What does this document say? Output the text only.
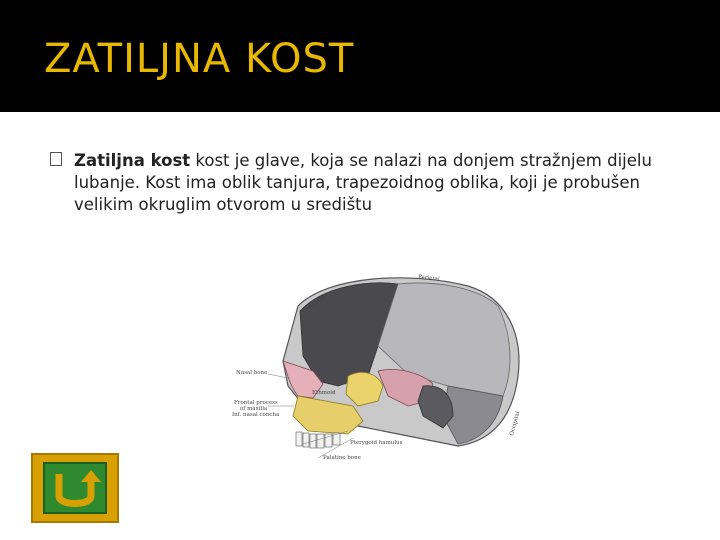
ZATILJNA KOST
Zatiljna kost kost je glave, koja se nalazi na donjem stražnjem dijelu lubanje. Kost ima oblik tanjura, trapezoidnog oblika, koji je probušen velikim okruglim otvorom u središtu
Parietal
Frontal
Nasal bone
Ethmoid
Frontal process
of maxilla
Inf. nasal concha
Pterygoid hamulus
Palatine bone
Occipital
